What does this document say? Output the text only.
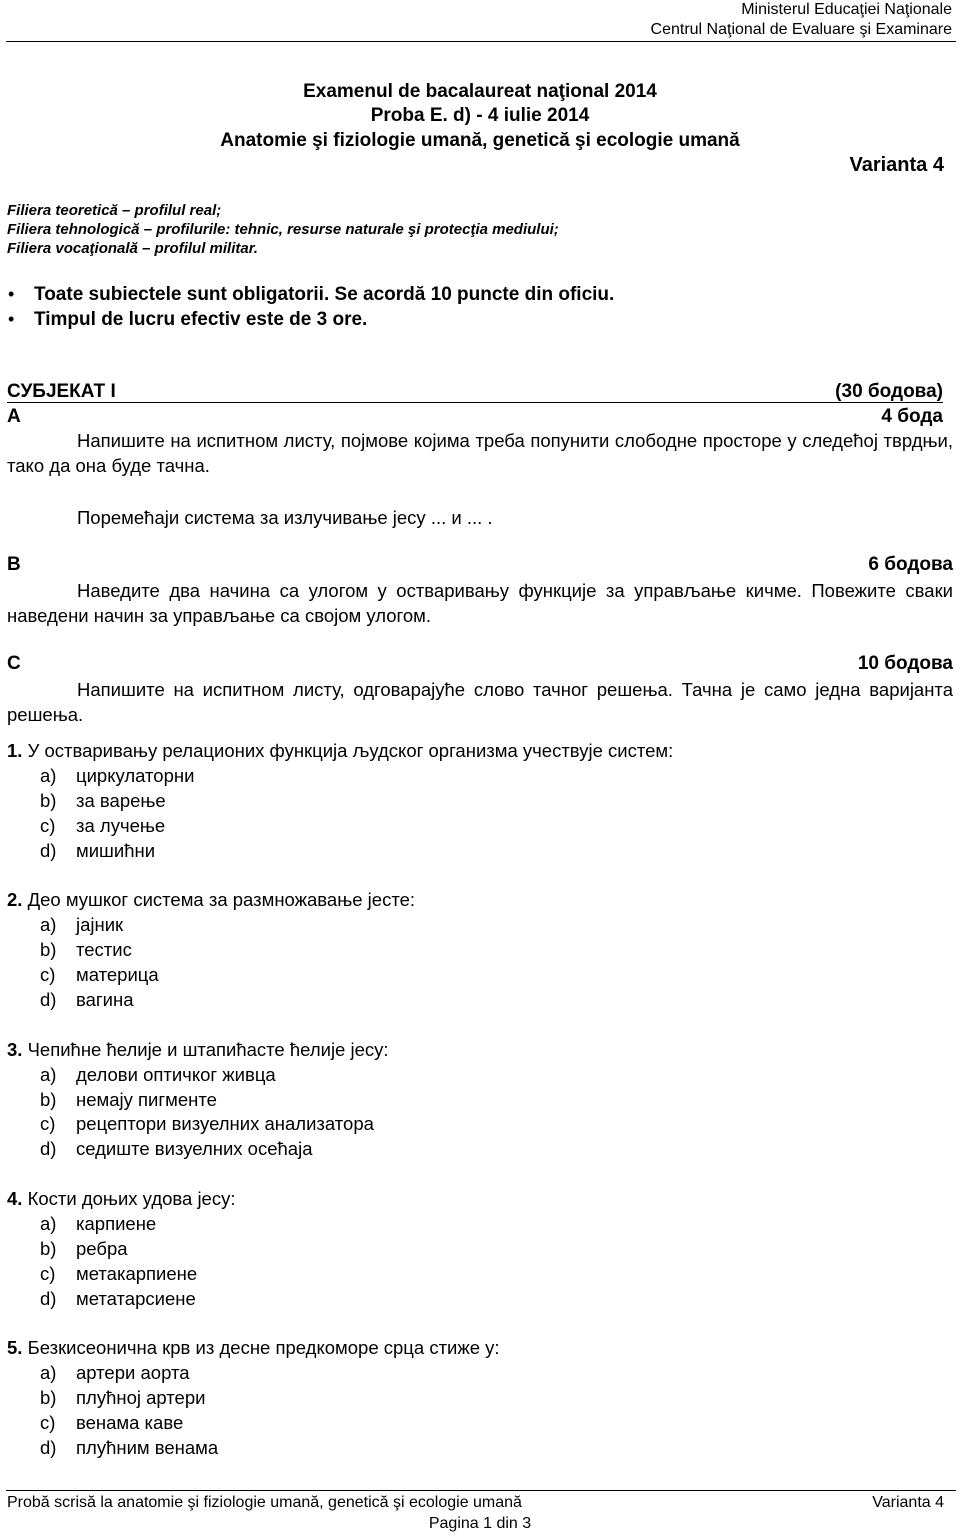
Ministerul Educaţiei Naţionale
Centrul Naţional de Evaluare şi Examinare
Examenul de bacalaureat naţional 2014
Proba E. d) - 4 iulie 2014
Anatomie şi fiziologie umană, genetică şi ecologie umană
Varianta 4
Filiera teoretică – profilul real;
Filiera tehnologică – profilurile: tehnic, resurse naturale şi protecţia mediului;
Filiera vocaţională – profilul militar.
• Toate subiectele sunt obligatorii. Se acordă 10 puncte din oficiu.
• Timpul de lucru efectiv este de 3 ore.
СУБЈЕКАТ I	(30 бодова)
A	4 бода
Напишите на испитном листу, појмове којима треба попунити слободне просторе у следећој тврдњи, тако да она буде тачна.
Поремећаји система за излучивање јесу ... и ... .
B	6 бодова
Наведите два начина са улогом у остваривању функције за управљање кичме. Повежите сваки наведени начин за управљање са својом улогом.
C	10 бодова
Напишите на испитном листу, одговарајуће слово тачног решења. Тачна је само једна варијанта решења.
1. У остваривању релационих функција људског организма учествује систем:
a) циркулаторни
b) за варење
c) за лучење
d) мишићни
2. Део мушког система за размножавање јесте:
a) јајник
b) тестис
c) материца
d) вагина
3. Чепићне ћелије и штапићасте ћелије јесу:
a) делови оптичког живца
b) немају пигменте
c) рецептори визуелних анализатора
d) седиште визуелних осећаја
4. Кости доњих удова јесу:
a) карпиене
b) ребра
c) метакарпиене
d) метатарсиене
5. Безкисеонична крв из десне предкоморе срца стиже у:
a) артери аорта
b) плућној артери
c) венама каве
d) плућним венама
Probă scrisă la anatomie şi fiziologie umană, genetică şi ecologie umană	Varianta 4
Pagina 1 din 3
